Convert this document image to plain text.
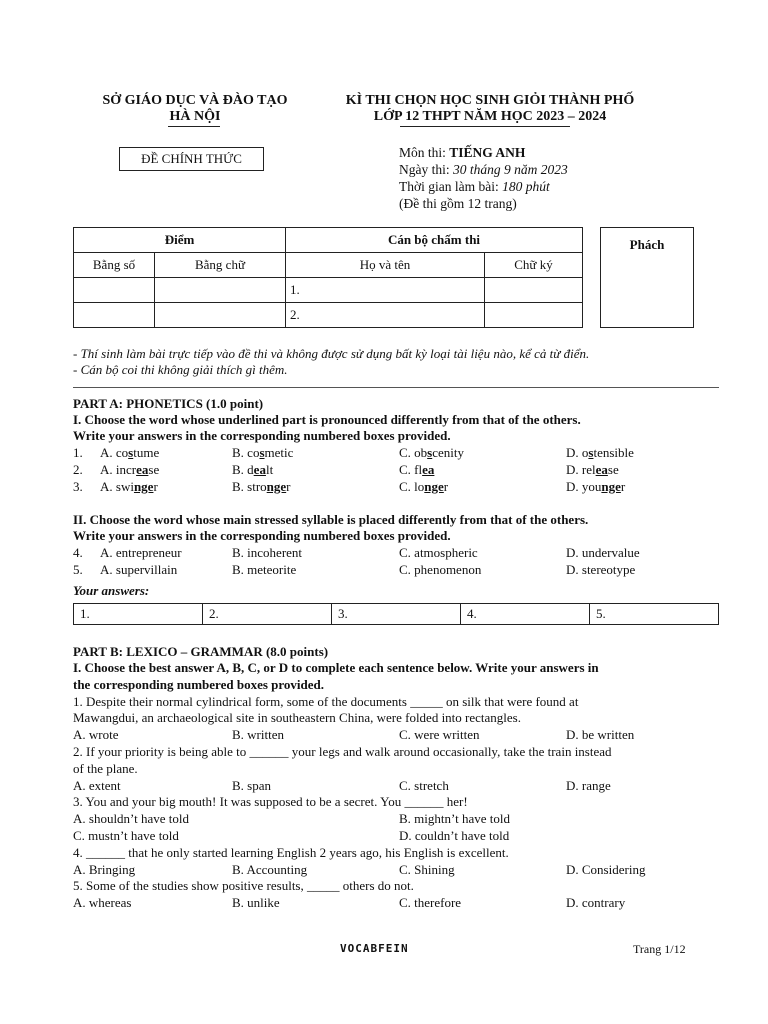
SỞ GIÁO DỤC VÀ ĐÀO TẠO
HÀ NỘI
KÌ THI CHỌN HỌC SINH GIỎI THÀNH PHỐ
LỚP 12 THPT NĂM HỌC 2023 – 2024
ĐỀ CHÍNH THỨC	Môn thi: TIẾNG ANH
Ngày thi: 30 tháng 9 năm 2023
Thời gian làm bài: 180 phút
(Đề thi gồm 12 trang)
Điểm		Cán bộ chấm thi	
Bằng số	Bằng chữ	Họ và tên	Chữ ký
		1.	
		2.	
Phách
- Thí sinh làm bài trực tiếp vào đề thi và không được sử dụng bất kỳ loại tài liệu nào, kể cả từ điển.
- Cán bộ coi thi không giải thích gì thêm.
PART A: PHONETICS (1.0 point)
I. Choose the word whose underlined part is pronounced differently from that of the others.
Write your answers in the corresponding numbered boxes provided.
1. A. costume	B. cosmetic	C. obscenity	D. ostensible
2. A. increase	B. dealt	C. flea	D. release
3. A. swinger	B. stronger	C. longer	D. younger
II. Choose the word whose main stressed syllable is placed differently from that of the others.
Write your answers in the corresponding numbered boxes provided.
4. A. entrepreneur	B. incoherent	C. atmospheric	D. undervalue
5. A. supervillain	B. meteorite	C. phenomenon	D. stereotype
Your answers:
1.	2.	3.	4.	5.
PART B: LEXICO – GRAMMAR (8.0 points)
I. Choose the best answer A, B, C, or D to complete each sentence below. Write your answers in
the corresponding numbered boxes provided.
1. Despite their normal cylindrical form, some of the documents _____ on silk that were found at
Mawangdui, an archaeological site in southeastern China, were folded into rectangles.
A. wrote	B. written	C. were written	D. be written
2. If your priority is being able to ______ your legs and walk around occasionally, take the train instead
of the plane.
A. extent	B. span	C. stretch	D. range
3. You and your big mouth! It was supposed to be a secret. You ______ her!
A. shouldn’t have told	B. mightn’t have told
C. mustn’t have told	D. couldn’t have told
4. ______ that he only started learning English 2 years ago, his English is excellent.
A. Bringing	B. Accounting	C. Shining	D. Considering
5. Some of the studies show positive results, _____ others do not.
A. whereas	B. unlike	C. therefore	D. contrary
VOCABFEIN	Trang 1/12
